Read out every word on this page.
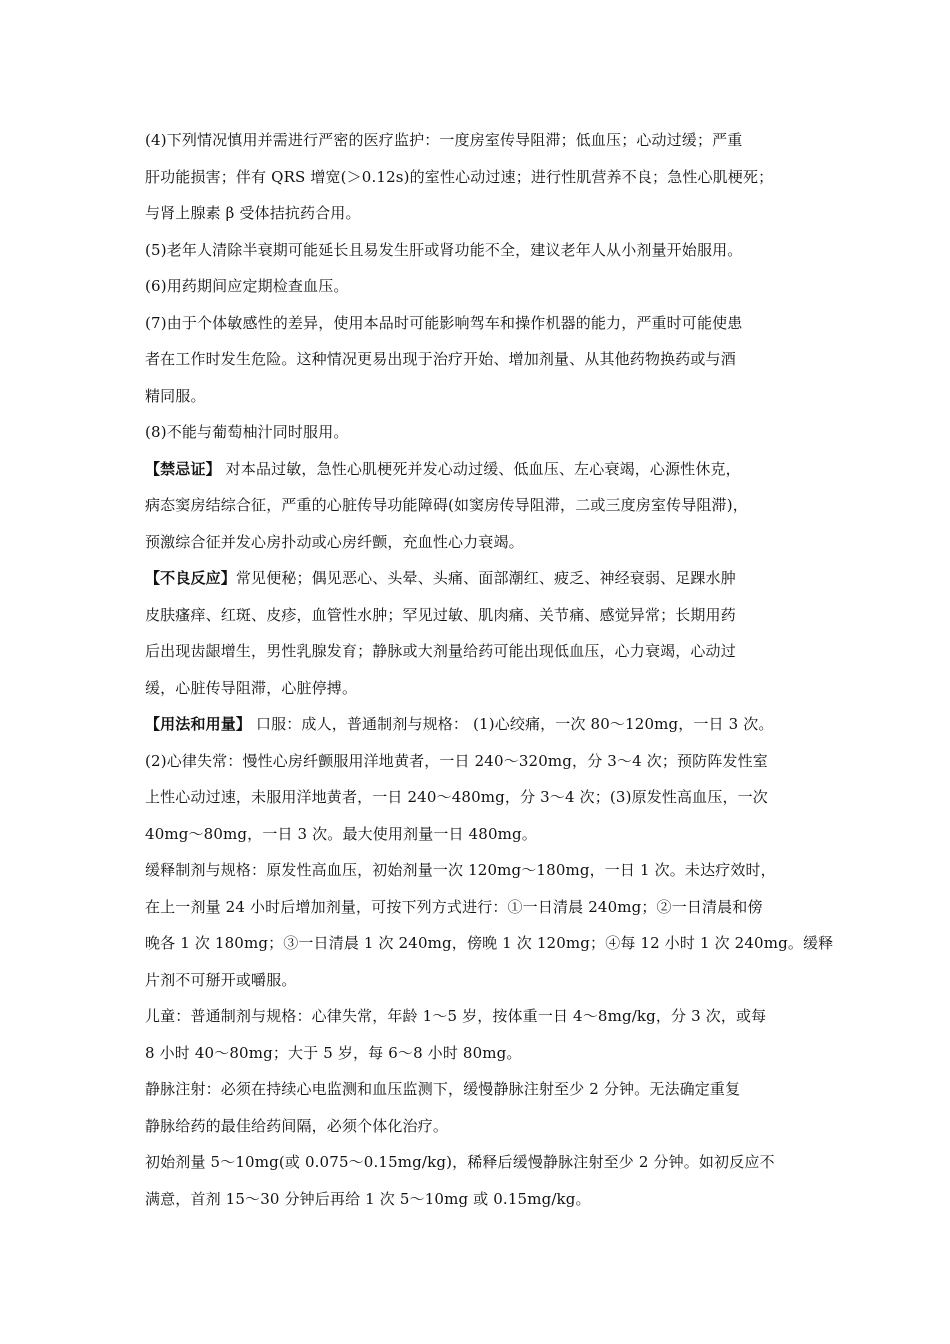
(4)下列情况慎用并需进行严密的医疗监护：一度房室传导阻滞；低血压；心动过缓；严重
肝功能损害；伴有 QRS 增宽(＞0.12s)的室性心动过速；进行性肌营养不良；急性心肌梗死；
与肾上腺素 β 受体拮抗药合用。
(5)老年人清除半衰期可能延长且易发生肝或肾功能不全，建议老年人从小剂量开始服用。
(6)用药期间应定期检查血压。
(7)由于个体敏感性的差异，使用本品时可能影响驾车和操作机器的能力，严重时可能使患
者在工作时发生危险。这种情况更易出现于治疗开始、增加剂量、从其他药物换药或与酒
精同服。
(8)不能与葡萄柚汁同时服用。
【禁忌证】 对本品过敏，急性心肌梗死并发心动过缓、低血压、左心衰竭，心源性休克，
病态窦房结综合征，严重的心脏传导功能障碍(如窦房传导阻滞，二或三度房室传导阻滞)，
预激综合征并发心房扑动或心房纤颤，充血性心力衰竭。
【不良反应】常见便秘；偶见恶心、头晕、头痛、面部潮红、疲乏、神经衰弱、足踝水肿
皮肤瘙痒、红斑、皮疹，血管性水肿；罕见过敏、肌肉痛、关节痛、感觉异常；长期用药
后出现齿龈增生，男性乳腺发育；静脉或大剂量给药可能出现低血压，心力衰竭，心动过
缓，心脏传导阻滞，心脏停搏。
【用法和用量】 口服：成人，普通制剂与规格： (1)心绞痛，一次 80～120mg，一日 3 次。
(2)心律失常：慢性心房纤颤服用洋地黄者，一日 240～320mg，分 3～4 次；预防阵发性室
上性心动过速，未服用洋地黄者，一日 240～480mg，分 3～4 次；(3)原发性高血压，一次
40mg～80mg，一日 3 次。最大使用剂量一日 480mg。
缓释制剂与规格：原发性高血压，初始剂量一次 120mg～180mg，一日 1 次。未达疗效时，
在上一剂量 24 小时后增加剂量，可按下列方式进行：①一日清晨 240mg；②一日清晨和傍
晚各 1 次 180mg；③一日清晨 1 次 240mg，傍晚 1 次 120mg；④每 12 小时 1 次 240mg。缓释
片剂不可掰开或嚼服。
儿童：普通制剂与规格：心律失常，年龄 1～5 岁，按体重一日 4～8mg/kg，分 3 次，或每
8 小时 40～80mg；大于 5 岁，每 6～8 小时 80mg。
静脉注射：必须在持续心电监测和血压监测下，缓慢静脉注射至少 2 分钟。无法确定重复
静脉给药的最佳给药间隔，必须个体化治疗。
初始剂量 5～10mg(或 0.075～0.15mg/kg)，稀释后缓慢静脉注射至少 2 分钟。如初反应不
满意，首剂 15～30 分钟后再给 1 次 5～10mg 或 0.15mg/kg。
